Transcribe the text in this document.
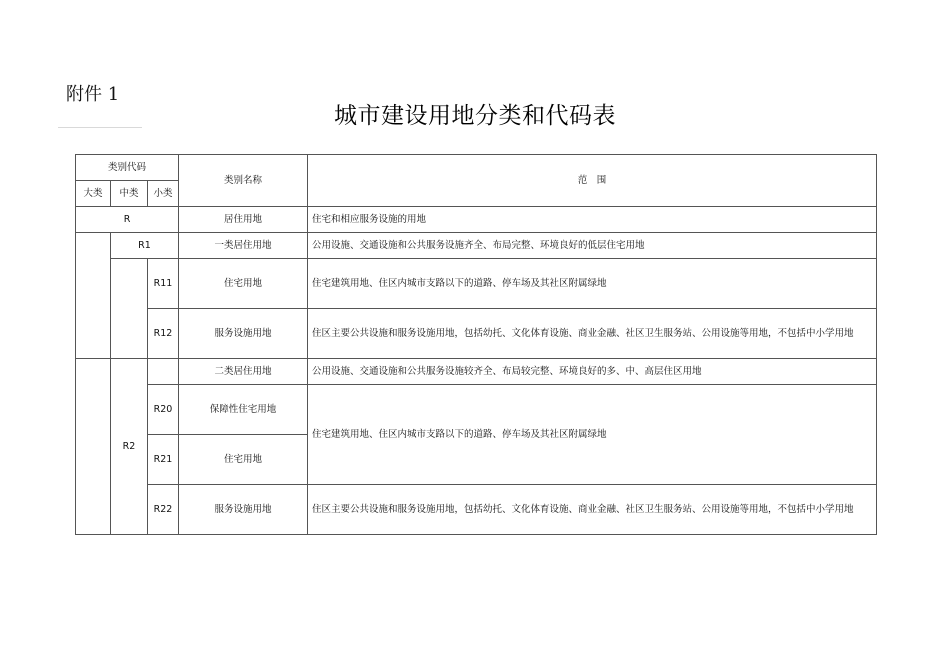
附件 1
城市建设用地分类和代码表
类别代码			类别名称	范　围
大类	中类	小类		

R			居住用地	住宅和相应服务设施的用地
	R1		一类居住用地	公用设施、交通设施和公共服务设施齐全、布局完整、环境良好的低层住宅用地
		R11	住宅用地	住宅建筑用地、住区内城市支路以下的道路、停车场及其社区附属绿地
		R12	服务设施用地	住区主要公共设施和服务设施用地，包括幼托、文化体育设施、商业金融、社区卫生服务站、公用设施等用地，不包括中小学用地
	R2		二类居住用地	公用设施、交通设施和公共服务设施较齐全、布局较完整、环境良好的多、中、高层住区用地
		R20	保障性住宅用地	住宅建筑用地、住区内城市支路以下的道路、停车场及其社区附属绿地
		R21	住宅用地	
		R22	服务设施用地	住区主要公共设施和服务设施用地，包括幼托、文化体育设施、商业金融、社区卫生服务站、公用设施等用地，不包括中小学用地
